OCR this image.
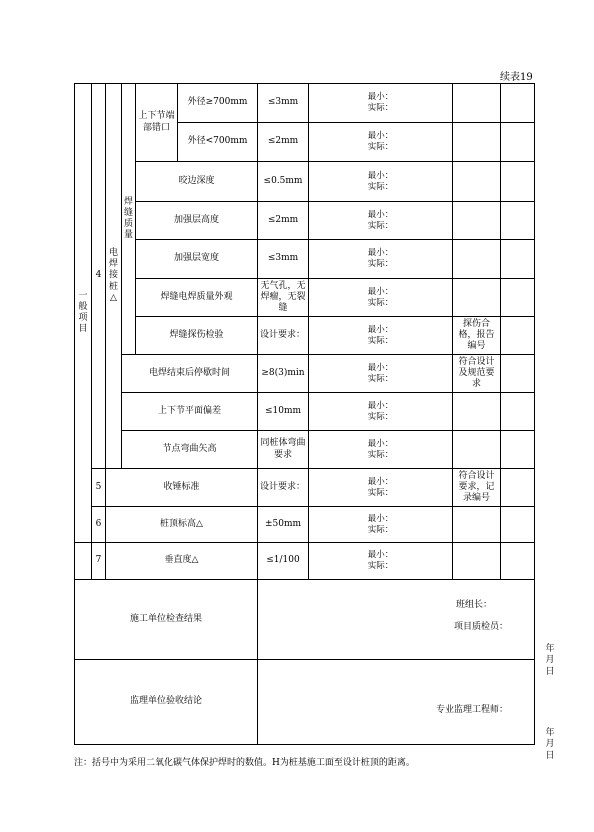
续表19
一般项目	4	电焊接桩△	焊缝质量	上下节端部错口	外径≥700mm	≤3mm	最小：
实际：		

					外径<700mm	≤2mm	最小：
实际：		

				咬边深度		≤0.5mm	最小：
实际：		

				加强层高度		≤2mm	最小：
实际：		

				加强层宽度		≤3mm	最小：
实际：		

				焊缝电焊质量外观		无气孔，无焊瘤，无裂缝	最小：
实际：		

				焊缝探伤检验		设计要求：	最小：
实际：	探伤合格，报告编号	
			电焊结束后停歇时间			≥8(3)min	最小：
实际：	符合设计及规范要求	
			上下节平面偏差			≤10mm	最小：
实际：		

			节点弯曲矢高			同桩体弯曲要求	最小：
实际：		

	5	收锤标准				设计要求：	最小：
实际：	符合设计要求，记录编号	
	6	桩顶标高△				±50mm	最小：
实际：		

	7	垂直度△				≤1/100	最小：
实际：		

施工单位检查结果						班组长：
项目质检员：
年　月　日			

监理单位验收结论						专业监理工程师：
年　月　日			
注：括号中为采用二氧化碳气体保护焊时的数值。H为桩基施工面至设计桩顶的距离。
